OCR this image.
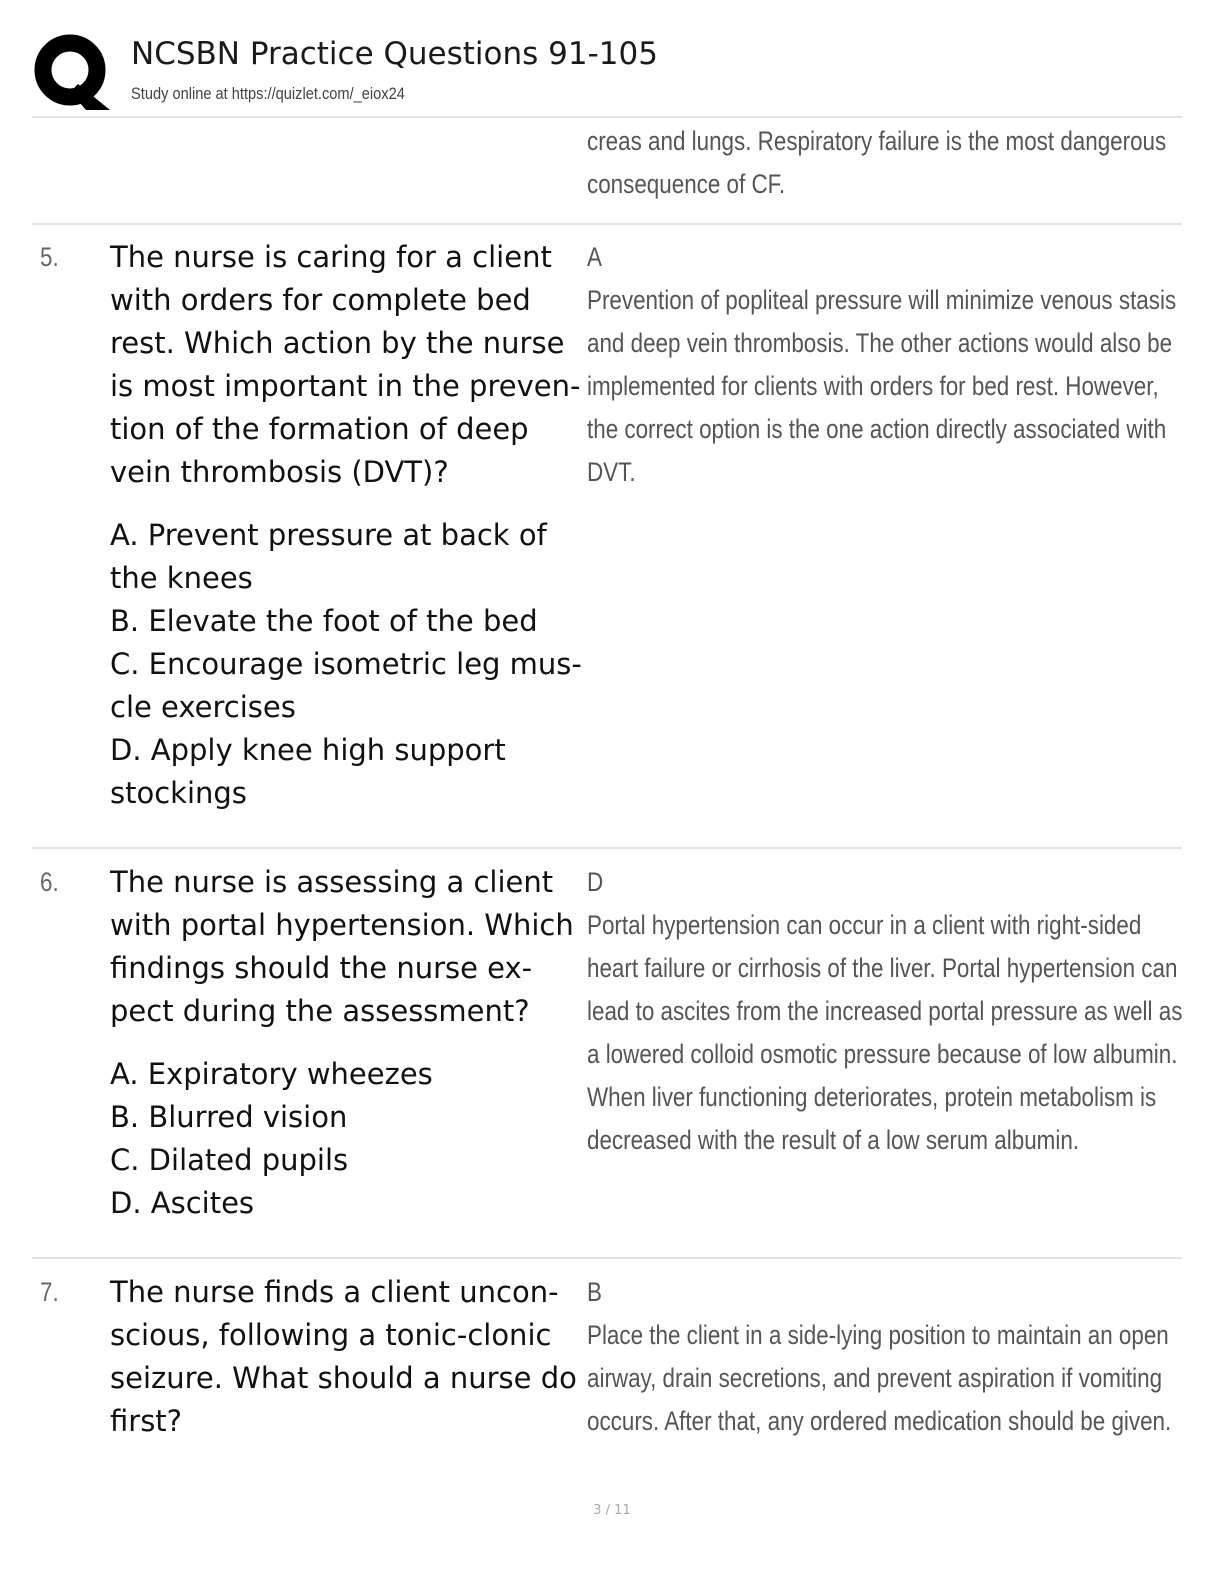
NCSBN Practice Questions 91-105
Study online at https://quizlet.com/_eiox24
creas and lungs. Respiratory failure is the most dangerous
consequence of CF.
5. The nurse is caring for a client
with orders for complete bed
rest. Which action by the nurse
is most important in the preven-
tion of the formation of deep
vein thrombosis (DVT)?
A. Prevent pressure at back of
the knees
B. Elevate the foot of the bed
C. Encourage isometric leg mus-
cle exercises
D. Apply knee high support
stockings
A
Prevention of popliteal pressure will minimize venous stasis
and deep vein thrombosis. The other actions would also be
implemented for clients with orders for bed rest. However,
the correct option is the one action directly associated with
DVT.
6. The nurse is assessing a client
with portal hypertension. Which
findings should the nurse ex-
pect during the assessment?
A. Expiratory wheezes
B. Blurred vision
C. Dilated pupils
D. Ascites
D
Portal hypertension can occur in a client with right-sided
heart failure or cirrhosis of the liver. Portal hypertension can
lead to ascites from the increased portal pressure as well as
a lowered colloid osmotic pressure because of low albumin.
When liver functioning deteriorates, protein metabolism is
decreased with the result of a low serum albumin.
7. The nurse finds a client uncon-
scious, following a tonic-clonic
seizure. What should a nurse do
first?
B
Place the client in a side-lying position to maintain an open
airway, drain secretions, and prevent aspiration if vomiting
occurs. After that, any ordered medication should be given.
3 / 11
